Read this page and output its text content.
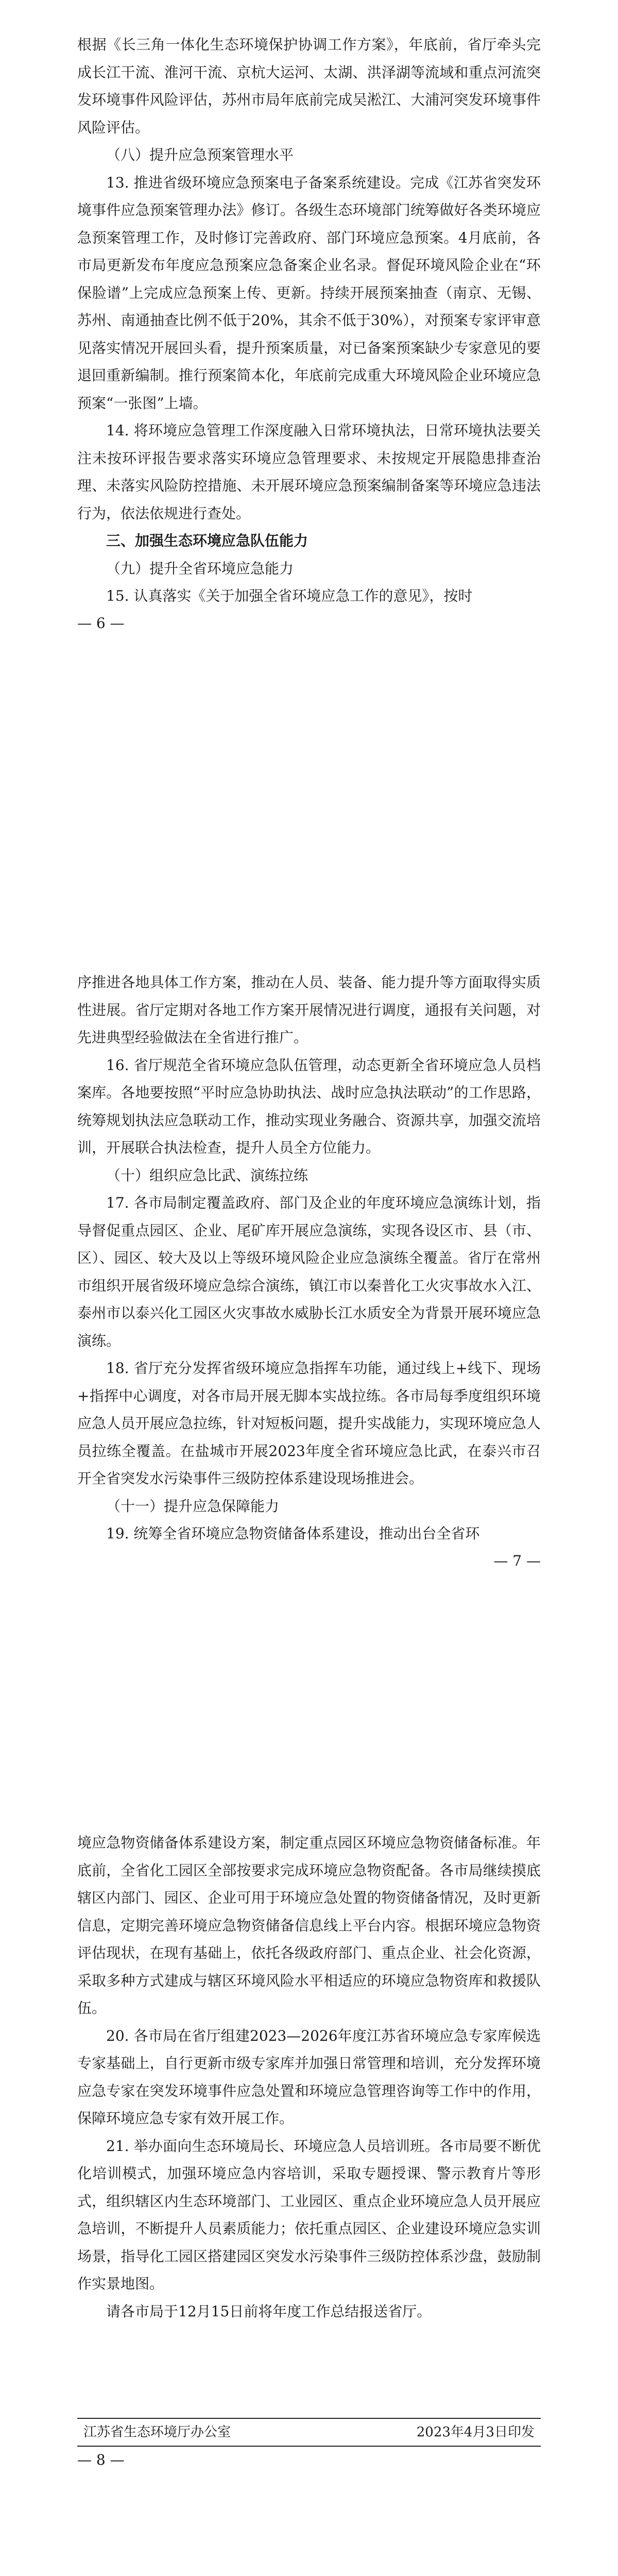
根据《长三角一体化生态环境保护协调工作方案》，年底前，省厅牵头完成长江干流、淮河干流、京杭大运河、太湖、洪泽湖等流域和重点河流突发环境事件风险评估，苏州市局年底前完成吴淞江、大浦河突发环境事件风险评估。

（八）提升应急预案管理水平

13. 推进省级环境应急预案电子备案系统建设。完成《江苏省突发环境事件应急预案管理办法》修订。各级生态环境部门统筹做好各类环境应急预案管理工作，及时修订完善政府、部门环境应急预案。4月底前，各市局更新发布年度应急预案应急备案企业名录。督促环境风险企业在“环保脸谱”上完成应急预案上传、更新。持续开展预案抽查（南京、无锡、苏州、南通抽查比例不低于20%，其余不低于30%），对预案专家评审意见落实情况开展回头看，提升预案质量，对已备案预案缺少专家意见的要退回重新编制。推行预案简本化，年底前完成重大环境风险企业环境应急预案“一张图”上墙。

14. 将环境应急管理工作深度融入日常环境执法，日常环境执法要关注未按环评报告要求落实环境应急管理要求、未按规定开展隐患排查治理、未落实风险防控措施、未开展环境应急预案编制备案等环境应急违法行为，依法依规进行查处。

三、加强生态环境应急队伍能力

（九）提升全省环境应急能力

15. 认真落实《关于加强全省环境应急工作的意见》，按时

— 6 —

序推进各地具体工作方案，推动在人员、装备、能力提升等方面取得实质性进展。省厅定期对各地工作方案开展情况进行调度，通报有关问题，对先进典型经验做法在全省进行推广。

16. 省厅规范全省环境应急队伍管理，动态更新全省环境应急人员档案库。各地要按照“平时应急协助执法、战时应急执法联动”的工作思路，统筹规划执法应急联动工作，推动实现业务融合、资源共享，加强交流培训，开展联合执法检查，提升人员全方位能力。

（十）组织应急比武、演练拉练

17. 各市局制定覆盖政府、部门及企业的年度环境应急演练计划，指导督促重点园区、企业、尾矿库开展应急演练，实现各设区市、县（市、区）、园区、较大及以上等级环境风险企业应急演练全覆盖。省厅在常州市组织开展省级环境应急综合演练，镇江市以秦普化工火灾事故水入江、泰州市以泰兴化工园区火灾事故水威胁长江水质安全为背景开展环境应急演练。

18. 省厅充分发挥省级环境应急指挥车功能，通过线上+线下、现场+指挥中心调度，对各市局开展无脚本实战拉练。各市局每季度组织环境应急人员开展应急拉练，针对短板问题，提升实战能力，实现环境应急人员拉练全覆盖。在盐城市开展2023年度全省环境应急比武，在泰兴市召开全省突发水污染事件三级防控体系建设现场推进会。

（十一）提升应急保障能力

19. 统筹全省环境应急物资储备体系建设，推动出台全省环

— 7 —

境应急物资储备体系建设方案，制定重点园区环境应急物资储备标准。年底前，全省化工园区全部按要求完成环境应急物资配备。各市局继续摸底辖区内部门、园区、企业可用于环境应急处置的物资储备情况，及时更新信息，定期完善环境应急物资储备信息线上平台内容。根据环境应急物资评估现状，在现有基础上，依托各级政府部门、重点企业、社会化资源，采取多种方式建成与辖区环境风险水平相适应的环境应急物资库和救援队伍。

20. 各市局在省厅组建2023—2026年度江苏省环境应急专家库候选专家基础上，自行更新市级专家库并加强日常管理和培训，充分发挥环境应急专家在突发环境事件应急处置和环境应急管理咨询等工作中的作用，保障环境应急专家有效开展工作。

21. 举办面向生态环境局长、环境应急人员培训班。各市局要不断优化培训模式，加强环境应急内容培训，采取专题授课、警示教育片等形式，组织辖区内生态环境部门、工业园区、重点企业环境应急人员开展应急培训，不断提升人员素质能力；依托重点园区、企业建设环境应急实训场景，指导化工园区搭建园区突发水污染事件三级防控体系沙盘，鼓励制作实景地图。

请各市局于12月15日前将年度工作总结报送省厅。

江苏省生态环境厅办公室	2023年4月3日印发
— 8 —
